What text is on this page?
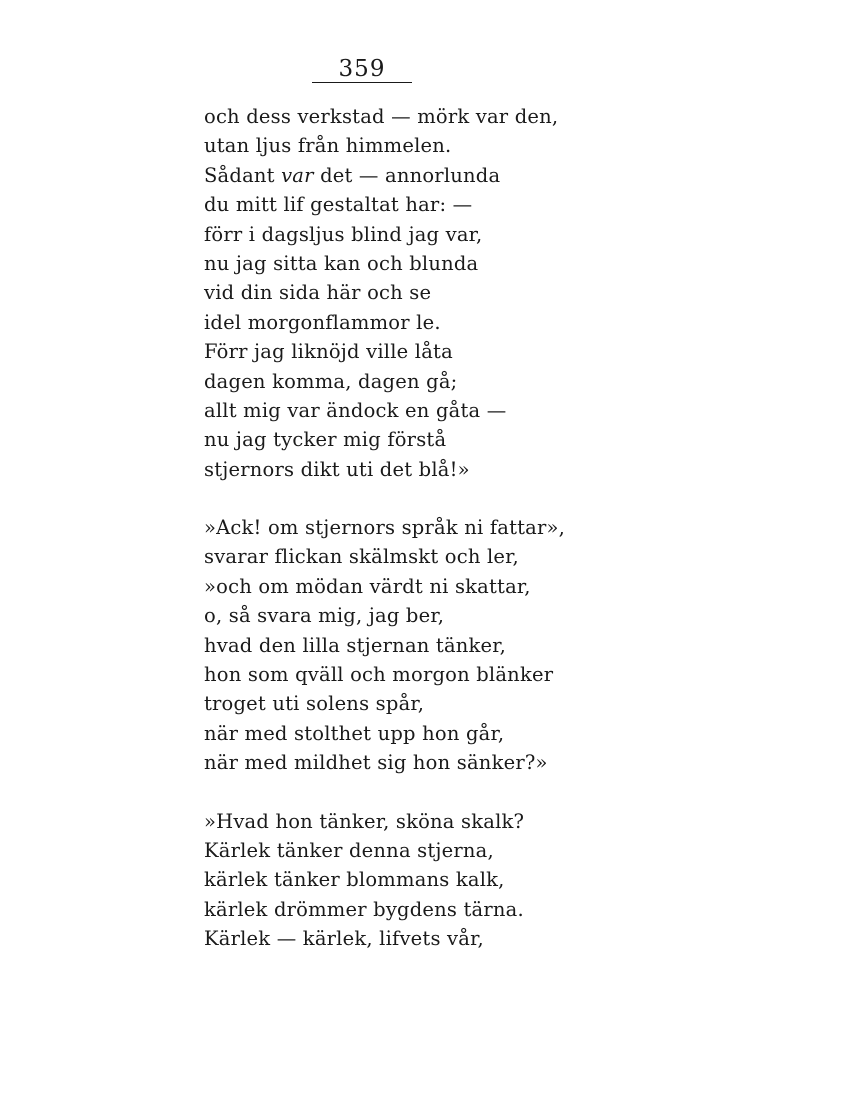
359
och dess verkstad — mörk var den,
utan ljus från himmelen.
Sådant var det — annorlunda
du mitt lif gestaltat har: —
förr i dagsljus blind jag var,
nu jag sitta kan och blunda
vid din sida här och se
idel morgonflammor le.
Förr jag liknöjd ville låta
dagen komma, dagen gå;
allt mig var ändock en gåta —
nu jag tycker mig förstå
stjernors dikt uti det blå!»
»Ack! om stjernors språk ni fattar»,
svarar flickan skälmskt och ler,
»och om mödan värdt ni skattar,
o, så svara mig, jag ber,
hvad den lilla stjernan tänker,
hon som qväll och morgon blänker
troget uti solens spår,
när med stolthet upp hon går,
när med mildhet sig hon sänker?»
»Hvad hon tänker, sköna skalk?
Kärlek tänker denna stjerna,
kärlek tänker blommans kalk,
kärlek drömmer bygdens tärna.
Kärlek — kärlek, lifvets vår,
